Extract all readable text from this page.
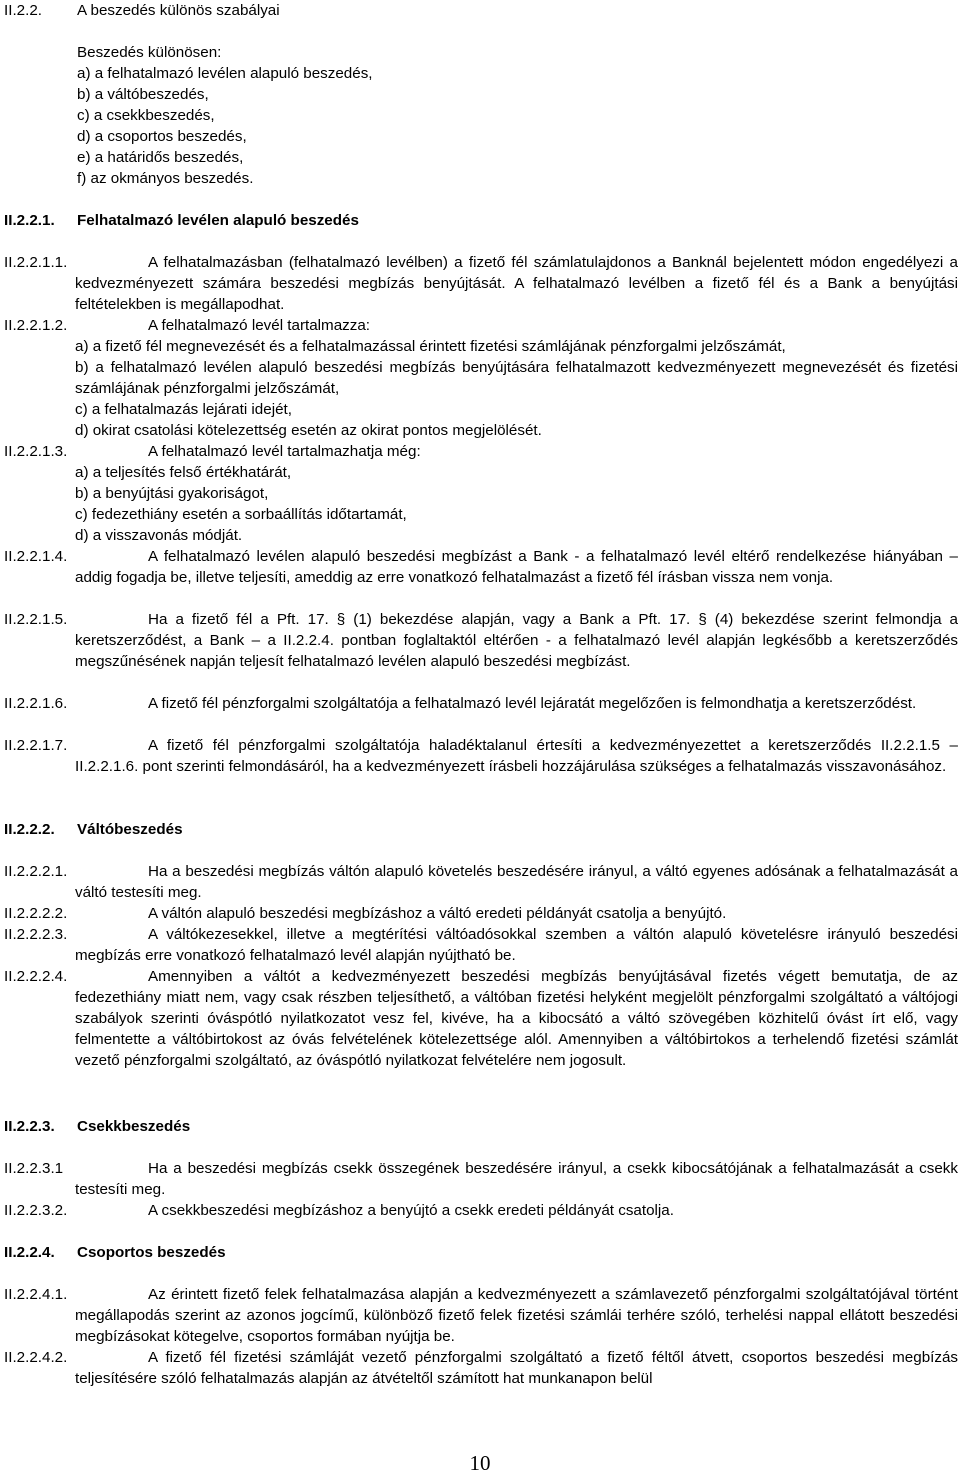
II.2.2.	A beszedés különös szabályai
Beszedés különösen:
a) a felhatalmazó levélen alapuló beszedés,
b) a váltóbeszedés,
c) a csekkbeszedés,
d) a csoportos beszedés,
e) a határidős beszedés,
f) az okmányos beszedés.
II.2.2.1.	Felhatalmazó levélen alapuló beszedés
II.2.2.1.1.	A felhatalmazásban (felhatalmazó levélben) a fizető fél számlatulajdonos a Banknál bejelentett módon engedélyezi a kedvezményezett számára beszedési megbízás benyújtását. A felhatalmazó levélben a fizető fél és a Bank a benyújtási feltételekben is megállapodhat.
II.2.2.1.2.	A felhatalmazó levél tartalmazza:
a) a fizető fél megnevezését és a felhatalmazással érintett fizetési számlájának pénzforgalmi jelzőszámát,
b) a felhatalmazó levélen alapuló beszedési megbízás benyújtására felhatalmazott kedvezményezett megnevezését és fizetési számlájának pénzforgalmi jelzőszámát,
c) a felhatalmazás lejárati idejét,
d) okirat csatolási kötelezettség esetén az okirat pontos megjelölését.
II.2.2.1.3.	A felhatalmazó levél tartalmazhatja még:
a) a teljesítés felső értékhatárát,
b) a benyújtási gyakoriságot,
c) fedezethiány esetén a sorbaállítás időtartamát,
d) a visszavonás módját.
II.2.2.1.4.	A felhatalmazó levélen alapuló beszedési megbízást a Bank - a felhatalmazó levél eltérő rendelkezése hiányában – addig fogadja be, illetve teljesíti, ameddig az erre vonatkozó felhatalmazást a fizető fél írásban vissza nem vonja.
II.2.2.1.5.	Ha a fizető fél a Pft. 17. § (1) bekezdése alapján, vagy a Bank a Pft. 17. § (4) bekezdése szerint felmondja a keretszerződést, a Bank – a II.2.2.4. pontban foglaltaktól eltérően - a felhatalmazó levél alapján legkésőbb a keretszerződés megszűnésének napján teljesít felhatalmazó levélen alapuló beszedési megbízást.
II.2.2.1.6.	A fizető fél pénzforgalmi szolgáltatója a felhatalmazó levél lejáratát megelőzően is felmondhatja a keretszerződést.
II.2.2.1.7.	A fizető fél pénzforgalmi szolgáltatója haladéktalanul értesíti a kedvezményezettet a keretszerződés II.2.2.1.5 – II.2.2.1.6. pont szerinti felmondásáról, ha a kedvezményezett írásbeli hozzájárulása szükséges a felhatalmazás visszavonásához.
II.2.2.2.	Váltóbeszedés
II.2.2.2.1.	Ha a beszedési megbízás váltón alapuló követelés beszedésére irányul, a váltó egyenes adósának a felhatalmazását a váltó testesíti meg.
II.2.2.2.2.	A váltón alapuló beszedési megbízáshoz a váltó eredeti példányát csatolja a benyújtó.
II.2.2.2.3.	A váltókezesekkel, illetve a megtérítési váltóadósokkal szemben a váltón alapuló követelésre irányuló beszedési megbízás erre vonatkozó felhatalmazó levél alapján nyújtható be.
II.2.2.2.4.	Amennyiben a váltót a kedvezményezett beszedési megbízás benyújtásával fizetés végett bemutatja, de az fedezethiány miatt nem, vagy csak részben teljesíthető, a váltóban fizetési helyként megjelölt pénzforgalmi szolgáltató a váltójogi szabályok szerinti óváspótló nyilatkozatot vesz fel, kivéve, ha a kibocsátó a váltó szövegében közhitelű óvást írt elő, vagy felmentette a váltóbirtokost az óvás felvételének kötelezettsége alól. Amennyiben a váltóbirtokos a terhelendő fizetési számlát vezető pénzforgalmi szolgáltató, az óváspótló nyilatkozat felvételére nem jogosult.
II.2.2.3.	Csekkbeszedés
II.2.2.3.1	Ha a beszedési megbízás csekk összegének beszedésére irányul, a csekk kibocsátójának a felhatalmazását a csekk testesíti meg.
II.2.2.3.2.	A csekkbeszedési megbízáshoz a benyújtó a csekk eredeti példányát csatolja.
II.2.2.4.	Csoportos beszedés
II.2.2.4.1.	Az érintett fizető felek felhatalmazása alapján a kedvezményezett a számlavezető pénzforgalmi szolgáltatójával történt megállapodás szerint az azonos jogcímű, különböző fizető felek fizetési számlái terhére szóló, terhelési nappal ellátott beszedési megbízásokat kötegelve, csoportos formában nyújtja be.
II.2.2.4.2.	A fizető fél fizetési számláját vezető pénzforgalmi szolgáltató a fizető féltől átvett, csoportos beszedési megbízás teljesítésére szóló felhatalmazás alapján az átvételtől számított hat munkanapon belül
10
